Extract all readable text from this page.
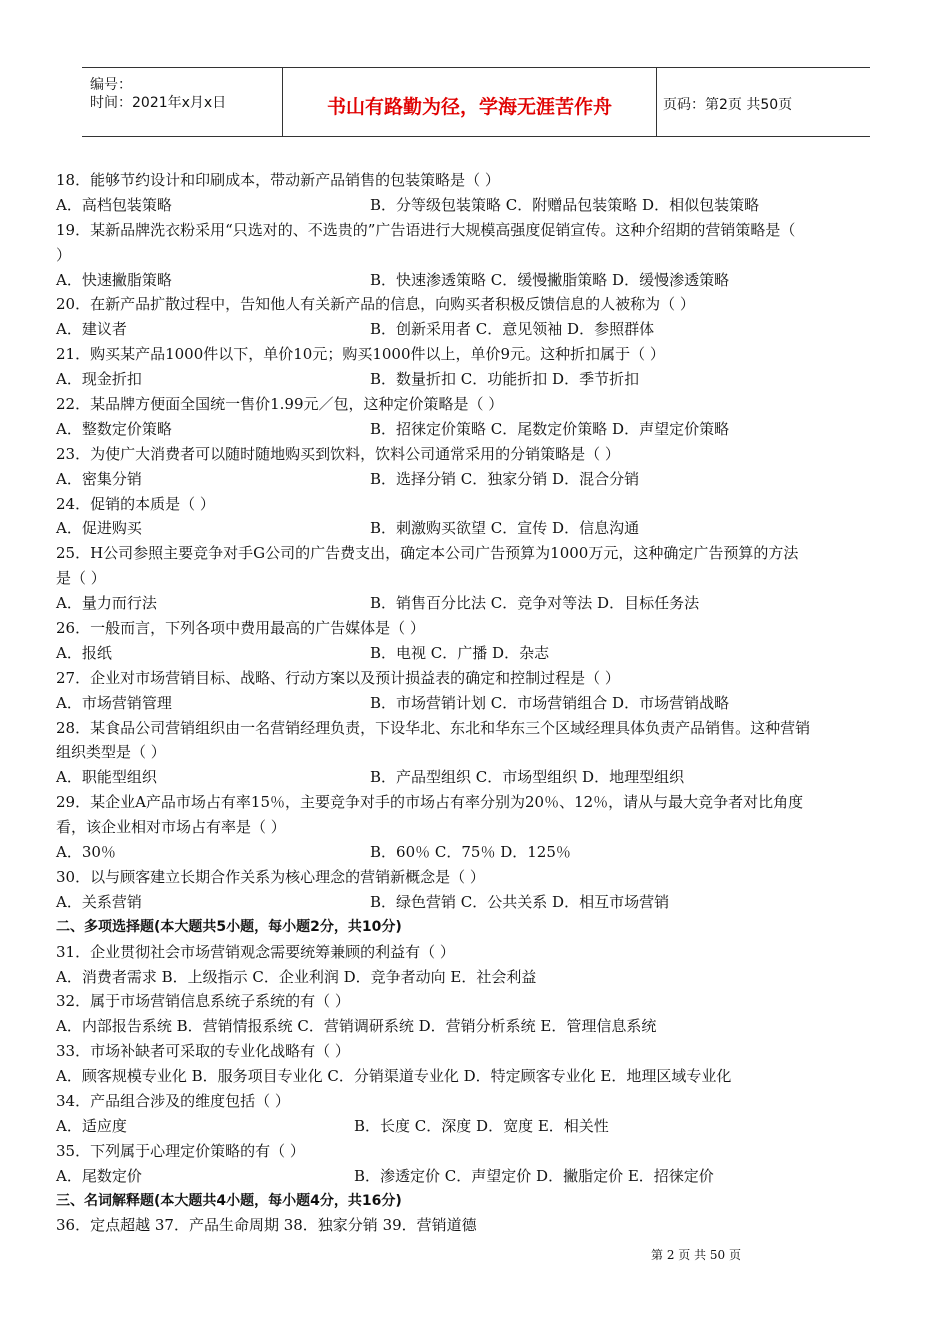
编号：
时间：2021年x月x日	书山有路勤为径，学海无涯苦作舟	页码：第2页 共50页
18．能够节约设计和印刷成本，带动新产品销售的包装策略是（ ）
A．高档包装策略	B．分等级包装策略 C．附赠品包装策略 D．相似包装策略
19．某新品牌洗衣粉采用“只选对的、不选贵的”广告语进行大规模高强度促销宣传。这种介绍期的营销策略是（
）
A．快速撇脂策略	B．快速渗透策略 C．缓慢撇脂策略 D．缓慢渗透策略
20．在新产品扩散过程中，告知他人有关新产品的信息，向购买者积极反馈信息的人被称为（ ）
A．建议者	B．创新采用者 C．意见领袖 D．参照群体
21．购买某产品1000件以下，单价10元；购买1000件以上，单价9元。这种折扣属于（ ）
A．现金折扣	B．数量折扣 C．功能折扣 D．季节折扣
22．某品牌方便面全国统一售价1.99元／包，这种定价策略是（ ）
A．整数定价策略	B．招徕定价策略 C．尾数定价策略 D．声望定价策略
23．为使广大消费者可以随时随地购买到饮料，饮料公司通常采用的分销策略是（ ）
A．密集分销	B．选择分销 C．独家分销 D．混合分销
24．促销的本质是（ ）
A．促进购买	B．刺激购买欲望 C．宣传 D．信息沟通
25．H公司参照主要竞争对手G公司的广告费支出，确定本公司广告预算为1000万元，这种确定广告预算的方法
是（ ）
A．量力而行法	B．销售百分比法 C．竞争对等法 D．目标任务法
26．一般而言，下列各项中费用最高的广告媒体是（ ）
A．报纸	B．电视 C．广播 D．杂志
27．企业对市场营销目标、战略、行动方案以及预计损益表的确定和控制过程是（ ）
A．市场营销管理	B．市场营销计划 C．市场营销组合 D．市场营销战略
28．某食品公司营销组织由一名营销经理负责，下设华北、东北和华东三个区域经理具体负责产品销售。这种营销
组织类型是（ ）
A．职能型组织	B．产品型组织 C．市场型组织 D．地理型组织
29．某企业A产品市场占有率15％，主要竞争对手的市场占有率分别为20％、12％，请从与最大竞争者对比角度
看，该企业相对市场占有率是（ ）
A．30％	B．60％ C．75％ D．125％
30．以与顾客建立长期合作关系为核心理念的营销新概念是（ ）
A．关系营销	B．绿色营销 C．公共关系 D．相互市场营销
二、多项选择题(本大题共5小题，每小题2分，共10分)
31．企业贯彻社会市场营销观念需要统筹兼顾的利益有（ ）
A．消费者需求 B．上级指示 C．企业利润 D．竞争者动向 E．社会利益
32．属于市场营销信息系统子系统的有（ ）
A．内部报告系统 B．营销情报系统 C．营销调研系统 D．营销分析系统 E．管理信息系统
33．市场补缺者可采取的专业化战略有（ ）
A．顾客规模专业化 B．服务项目专业化 C．分销渠道专业化 D．特定顾客专业化 E．地理区域专业化
34．产品组合涉及的维度包括（ ）
A．适应度	B．长度 C．深度 D．宽度 E．相关性
35．下列属于心理定价策略的有（ ）
A．尾数定价	B．渗透定价 C．声望定价 D．撇脂定价 E．招徕定价
三、名词解释题(本大题共4小题，每小题4分，共16分)
36．定点超越 37．产品生命周期 38．独家分销 39．营销道德
第 2 页 共 50 页
